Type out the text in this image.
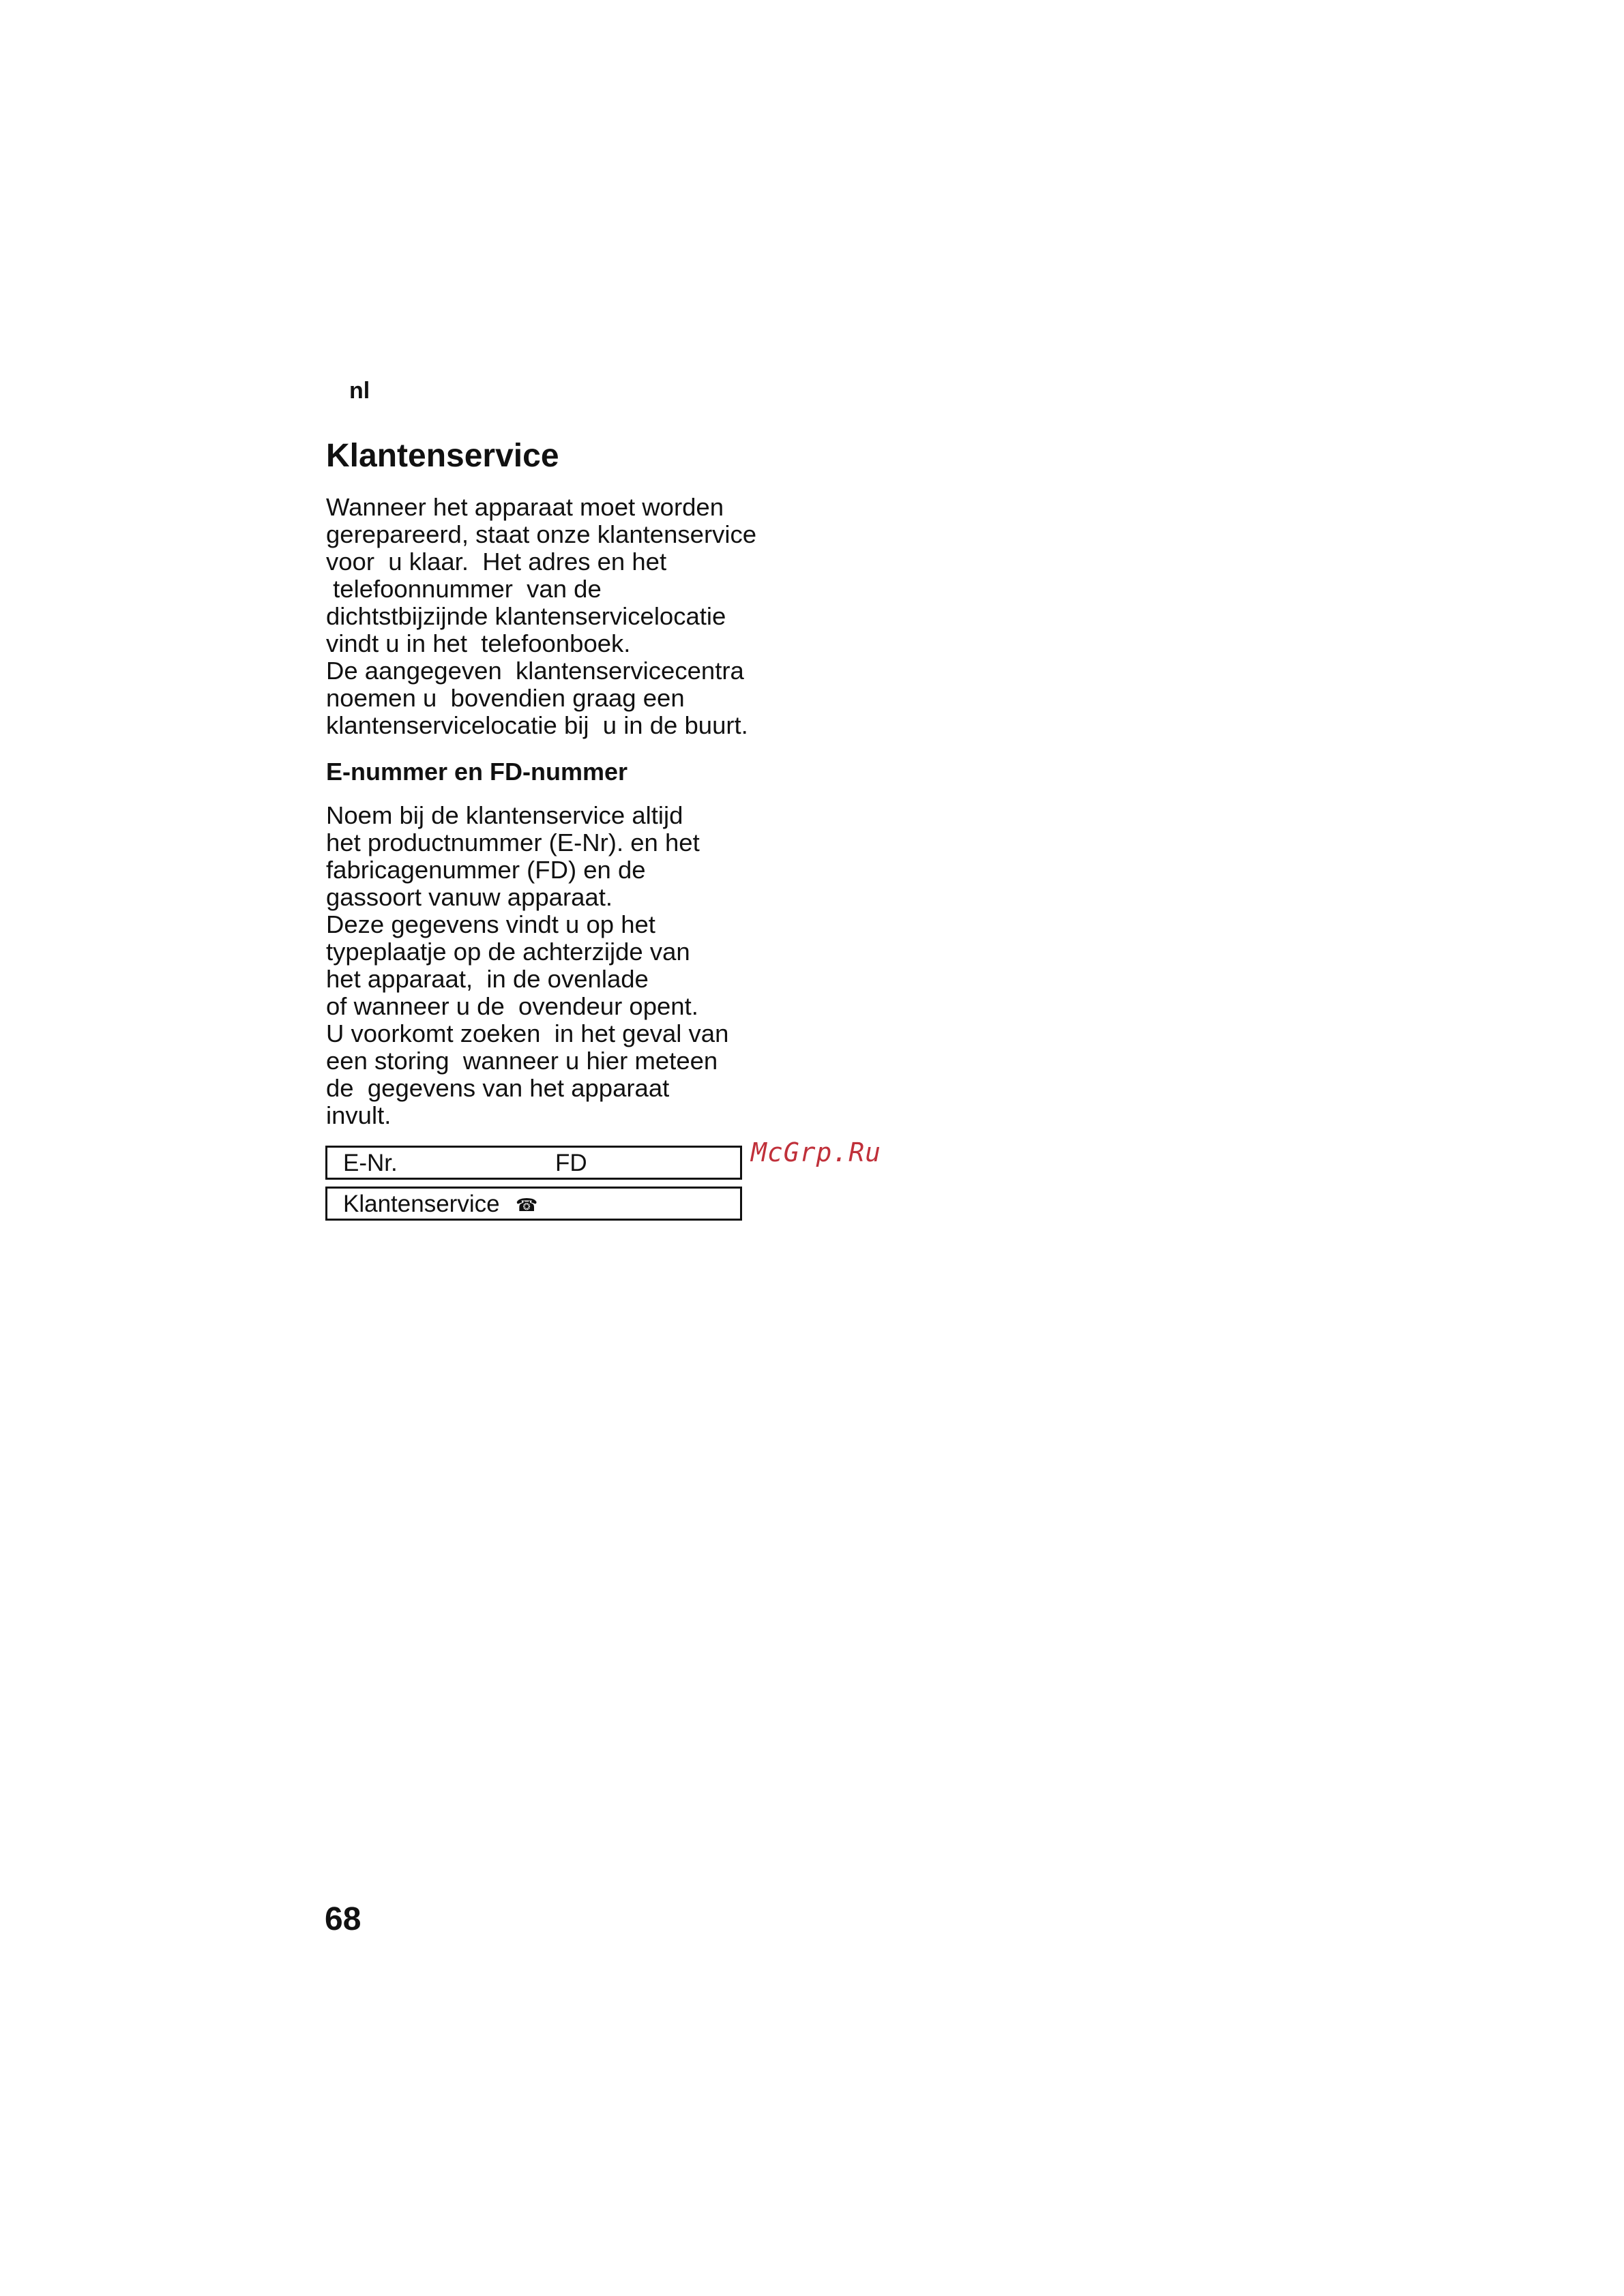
nl
Klantenservice

Wanneer het apparaat moet worden
gerepareerd, staat onze klantenservice
voor  u klaar.  Het adres en het
telefoonnummer  van de
dichtstbijzijnde klantenservicelocatie
vindt u in het  telefoonboek.
De aangegeven  klantenservicecentra
noemen u  bovendien graag een
klantenservicelocatie bij  u in de buurt.

E-nummer en FD-nummer

Noem bij de klantenservice altijd
het productnummer (E-Nr). en het
fabricagenummer (FD) en de
gassoort vanuw apparaat.
Deze gegevens vindt u op het
typeplaatje op de achterzijde van
het apparaat,  in de ovenlade
of wanneer u de  ovendeur opent.
U voorkomt zoeken  in het geval van
een storing  wanneer u hier meteen
de  gegevens van het apparaat
invult.

E-Nr.	FD
Klantenservice ☎
McGrp.Ru
68
